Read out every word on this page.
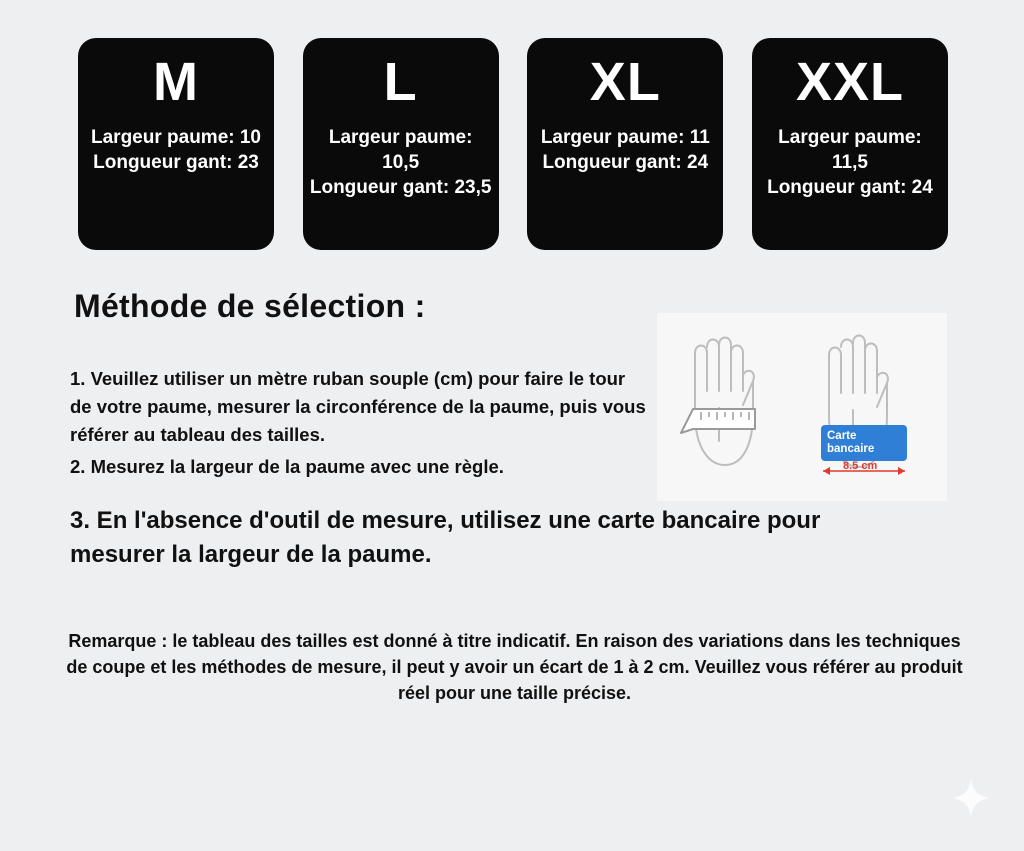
M
Largeur paume: 10
Longueur gant: 23
L
Largeur paume: 10,5
Longueur gant: 23,5
XL
Largeur paume: 11
Longueur gant: 24
XXL
Largeur paume: 11,5
Longueur gant: 24
Méthode de sélection :
1. Veuillez utiliser un mètre ruban souple (cm) pour faire le tour de votre paume, mesurer la circonférence de la paume, puis vous référer au tableau des tailles.
2. Mesurez la largeur de la paume avec une règle.
3. En l'absence d'outil de mesure, utilisez une carte bancaire pour mesurer la largeur de la paume.
Carte
bancaire
8.5 cm
Remarque : le tableau des tailles est donné à titre indicatif. En raison des variations dans les techniques de coupe et les méthodes de mesure, il peut y avoir un écart de 1 à 2 cm. Veuillez vous référer au produit réel pour une taille précise.
